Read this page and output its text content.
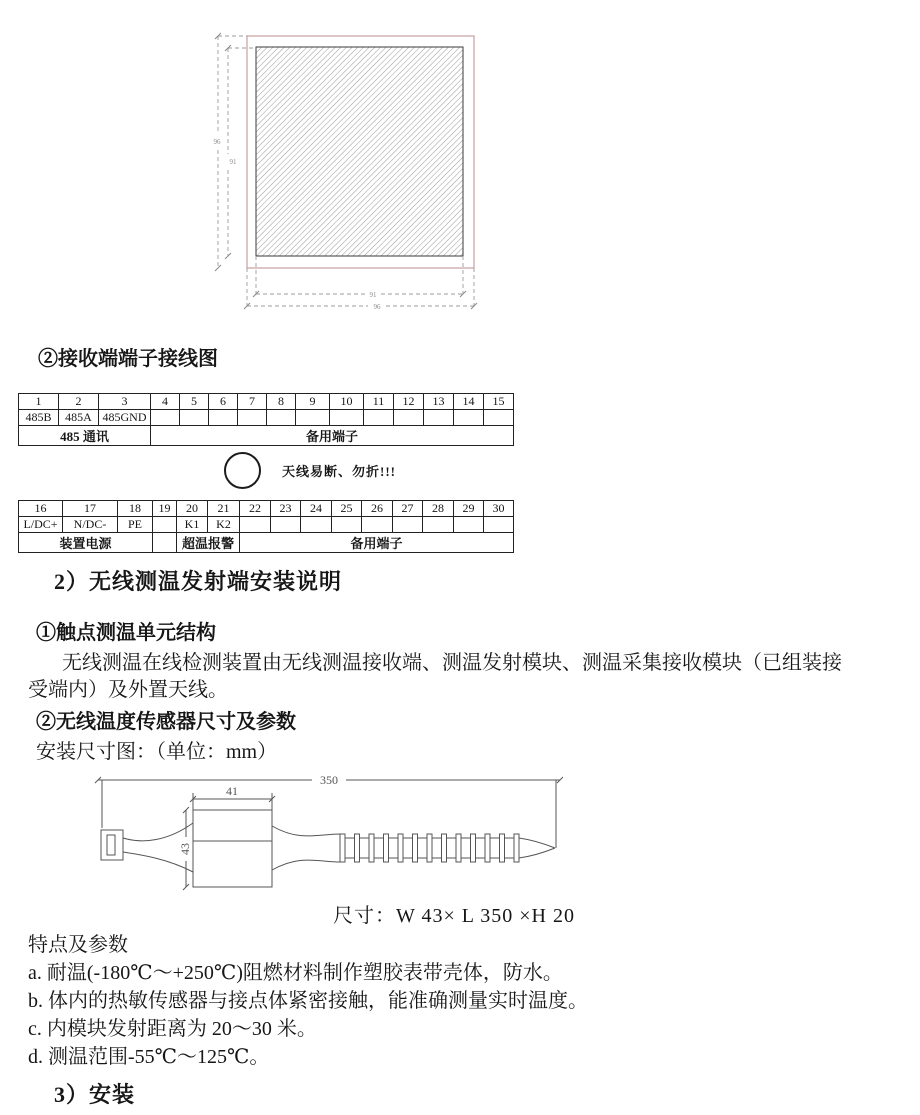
96
91
91
96
②接收端端子接线图
1	2	3	4	5	6	7	8	9	10	11	12	13	14	15
485B	485A	485GND												
485 通讯			备用端子											
天线易断、勿折!!!
16	17	18	19	20	21	22	23	24	25	26	27	28	29	30
L/DC+	N/DC-	PE		K1	K2									
装置电源				超温报警		备用端子								
2）无线测温发射端安装说明
①触点测温单元结构
无线测温在线检测装置由无线测温接收端、测温发射模块、测温采集接收模块（已组装接
受端内）及外置天线。
②无线温度传感器尺寸及参数
安装尺寸图：（单位：mm）
350
41
43
尺寸：W 43× L 350 ×H 20
特点及参数
a. 耐温(-180℃～+250℃)阻燃材料制作塑胶表带壳体，防水。
b. 体内的热敏传感器与接点体紧密接触，能准确测量实时温度。
c. 内模块发射距离为 20～30 米。
d. 测温范围-55℃～125℃。
3）安装
